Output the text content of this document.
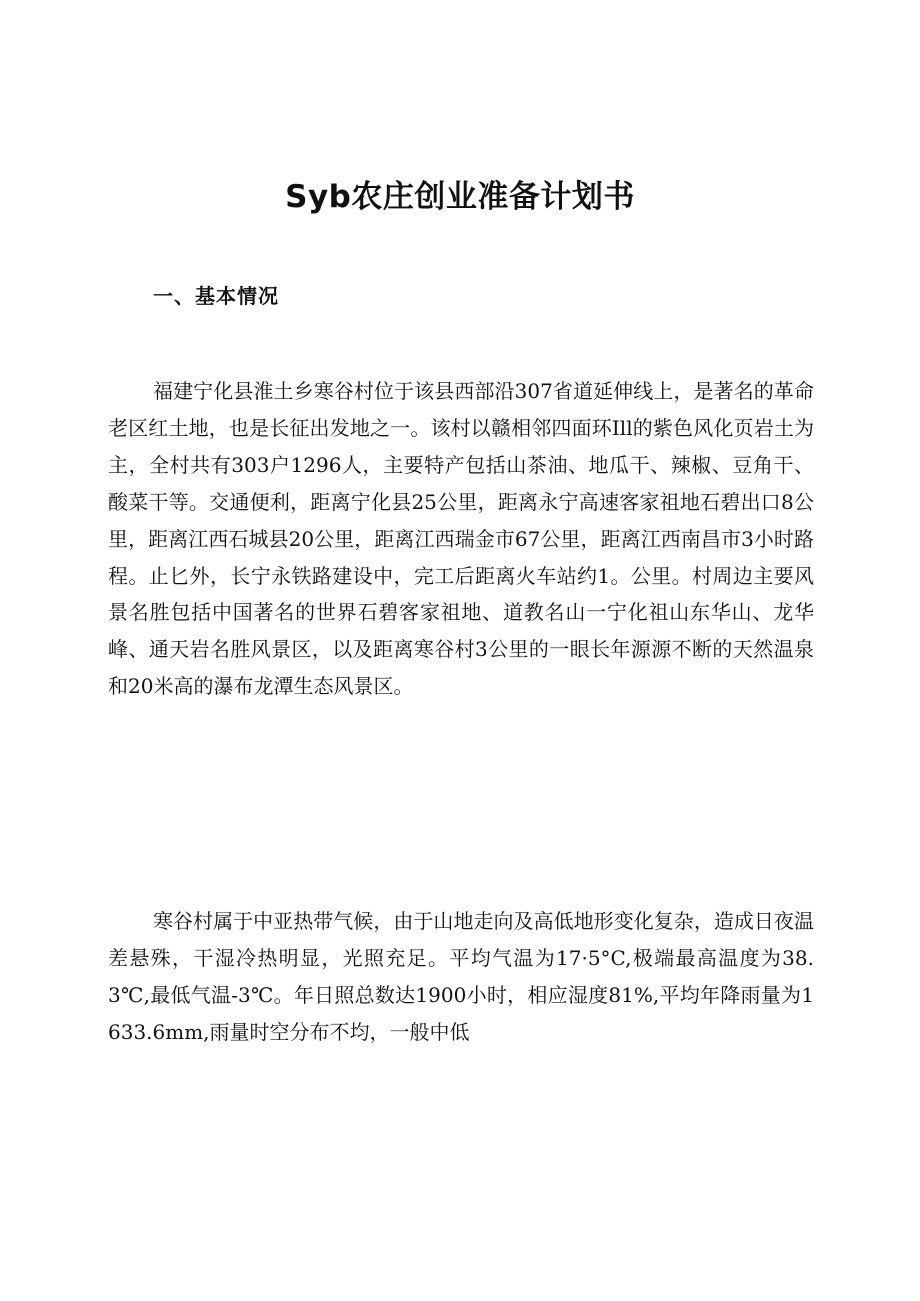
Syb农庄创业准备计划书
一、基本情况

福建宁化县淮土乡寒谷村位于该县西部沿307省道延伸线上，是著名的革命老区红土地，也是长征出发地之一。该村以赣相邻四面环Ill的紫色风化页岩土为主，全村共有303户1296人，主要特产包括山茶油、地瓜干、辣椒、豆角干、酸菜干等。交通便利，距离宁化县25公里，距离永宁高速客家祖地石碧出口8公里，距离江西石城县20公里，距离江西瑞金市67公里，距离江西南昌市3小时路程。止匕外，长宁永铁路建设中，完工后距离火车站约1。公里。村周边主要风景名胜包括中国著名的世界石碧客家祖地、道教名山一宁化祖山东华山、龙华峰、通天岩名胜风景区，以及距离寒谷村3公里的一眼长年源源不断的天然温泉和20米高的瀑布龙潭生态风景区。

寒谷村属于中亚热带气候，由于山地走向及高低地形变化复杂，造成日夜温差悬殊，干湿冷热明显，光照充足。平均气温为17·5°C,极端最高温度为38.3℃,最低气温-3℃。年日照总数达1900小时，相应湿度81%,平均年降雨量为1633.6mm,雨量时空分布不均，一般中低
